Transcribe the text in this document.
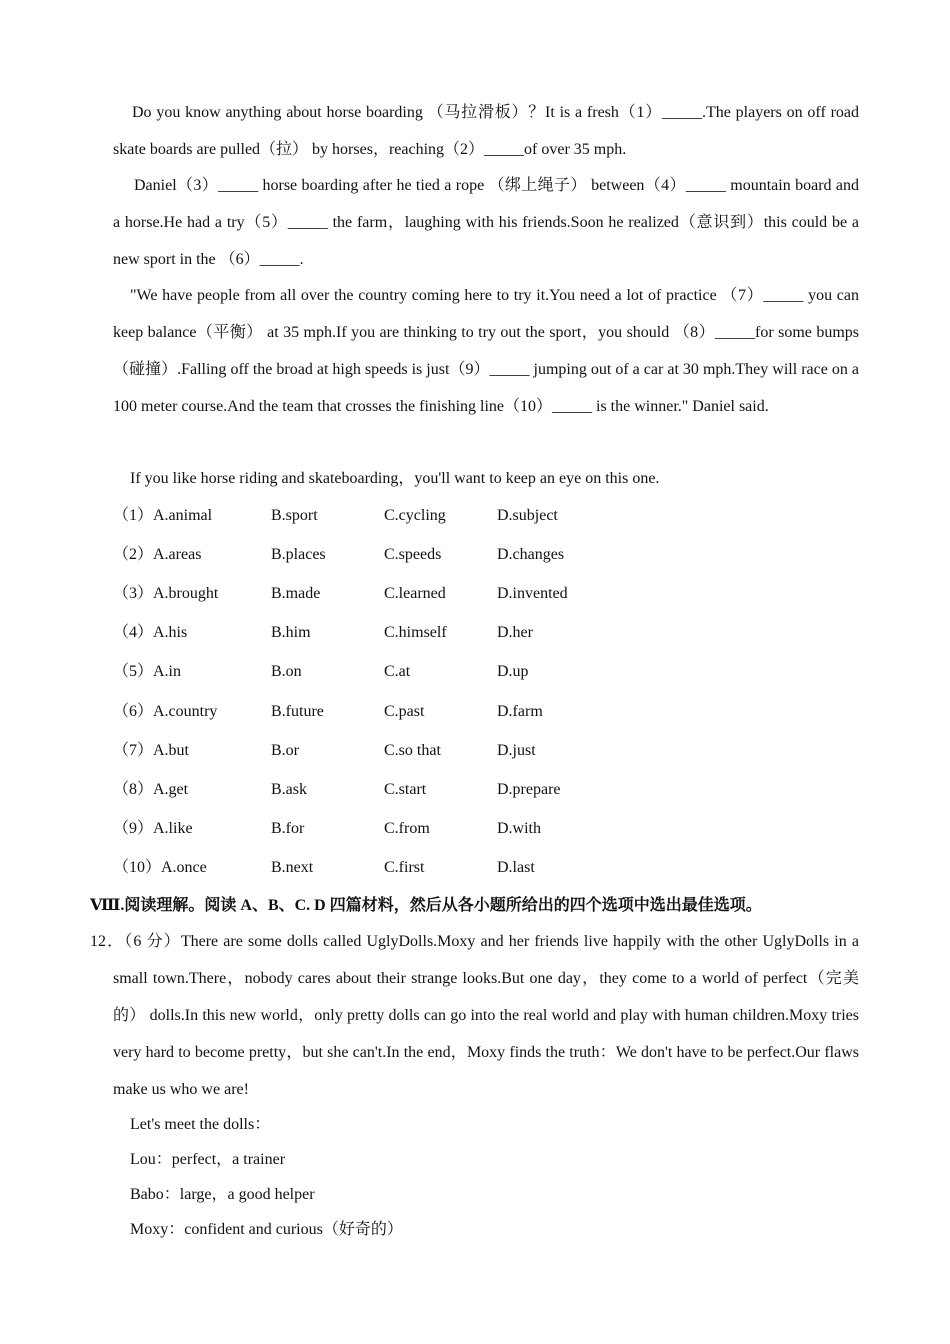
Do you know anything about horse boarding （马拉滑板）？It is a fresh（1）_____.The players on off road skate boards are pulled（拉） by horses，reaching（2）_____of over 35 mph.

Daniel（3）_____ horse boarding after he tied a rope （绑上绳子） between（4）_____ mountain board and a horse.He had a try（5）_____ the farm，laughing with his friends.Soon he realized（意识到）this could be a new sport in the （6）_____.

"We have people from all over the country coming here to try it.You need a lot of practice （7）_____ you can keep balance（平衡） at 35 mph.If you are thinking to try out the sport，you should （8）_____for some bumps（碰撞）.Falling off the broad at high speeds is just（9）_____ jumping out of a car at 30 mph.They will race on a 100 meter course.And the team that crosses the finishing line（10）_____ is the winner." Daniel said.

If you like horse riding and skateboarding，you'll want to keep an eye on this one.

（1）A.animal	B.sport	C.cycling	D.subject
（2）A.areas	B.places	C.speeds	D.changes
（3）A.brought	B.made	C.learned	D.invented
（4）A.his	B.him	C.himself	D.her
（5）A.in	B.on	C.at	D.up
（6）A.country	B.future	C.past	D.farm
（7）A.but	B.or	C.so that	D.just
（8）A.get	B.ask	C.start	D.prepare
（9）A.like	B.for	C.from	D.with
（10）A.once	B.next	C.first	D.last
Ⅷ.阅读理解。阅读 A、B、C. D 四篇材料，然后从各小题所给出的四个选项中选出最佳选项。

12．（6 分）There are some dolls called UglyDolls.Moxy and her friends live happily with the other UglyDolls in a small town.There，nobody cares about their strange looks.But one day，they come to a world of perfect（完美的） dolls.In this new world，only pretty dolls can go into the real world and play with human children.Moxy tries very hard to become pretty，but she can't.In the end，Moxy finds the truth：We don't have to be perfect.Our flaws make us who we are!

Let's meet the dolls：

Lou：perfect，a trainer

Babo：large，a good helper

Moxy：confident and curious（好奇的）
